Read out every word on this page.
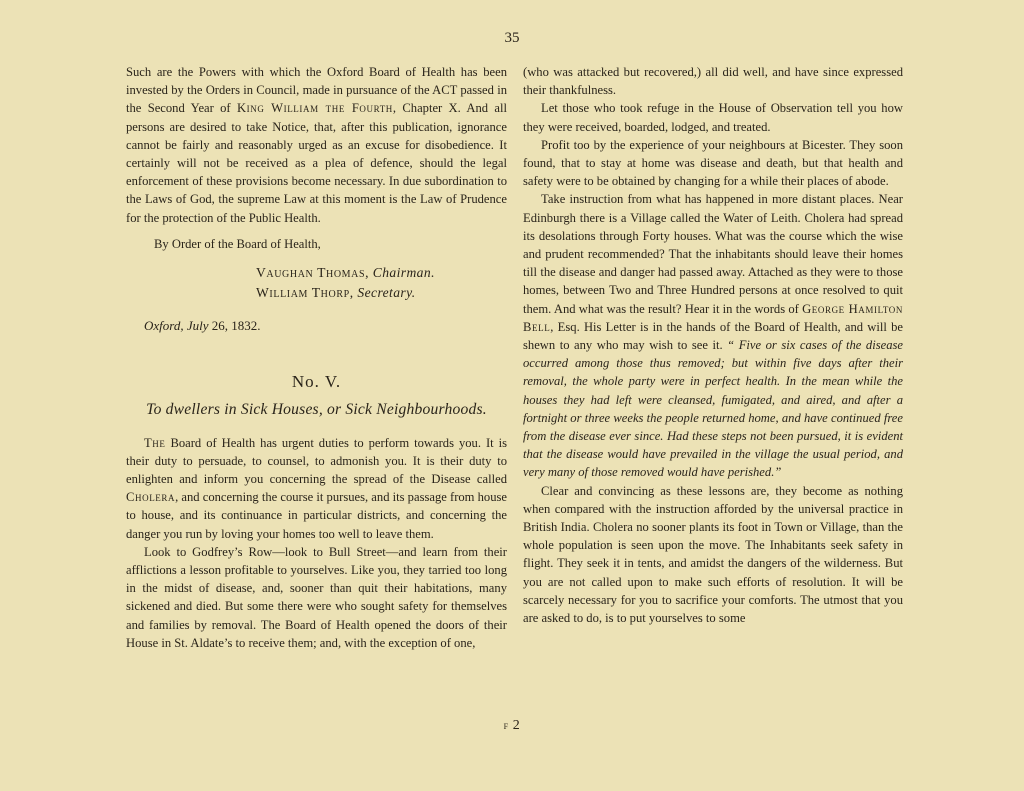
35

Such are the Powers with which the Oxford Board of Health has been invested by the Orders in Council, made in pursuance of the ACT passed in the Second Year of King William the Fourth, Chapter X. And all persons are desired to take Notice, that, after this publication, ignorance cannot be fairly and reasonably urged as an excuse for disobedience. It certainly will not be received as a plea of defence, should the legal enforcement of these provisions become necessary. In due subordination to the Laws of God, the supreme Law at this moment is the Law of Prudence for the protection of the Public Health.

By Order of the Board of Health,

Vaughan Thomas, Chairman.
William Thorp, Secretary.

Oxford, July 26, 1832.

No. V.
To dwellers in Sick Houses, or Sick Neighbourhoods.

The Board of Health has urgent duties to perform towards you. It is their duty to persuade, to counsel, to admonish you. It is their duty to enlighten and inform you concerning the spread of the Disease called Cholera, and concerning the course it pursues, and its passage from house to house, and its continuance in particular districts, and concerning the danger you run by loving your homes too well to leave them.

Look to Godfrey’s Row—look to Bull Street—and learn from their afflictions a lesson profitable to yourselves. Like you, they tarried too long in the midst of disease, and, sooner than quit their habitations, many sickened and died. But some there were who sought safety for themselves and families by removal. The Board of Health opened the doors of their House in St. Aldate’s to receive them; and, with the exception of one,

(who was attacked but recovered,) all did well, and have since expressed their thankfulness.

Let those who took refuge in the House of Observation tell you how they were received, boarded, lodged, and treated.

Profit too by the experience of your neighbours at Bicester. They soon found, that to stay at home was disease and death, but that health and safety were to be obtained by changing for a while their places of abode.

Take instruction from what has happened in more distant places. Near Edinburgh there is a Village called the Water of Leith. Cholera had spread its desolations through Forty houses. What was the course which the wise and prudent recommended? That the inhabitants should leave their homes till the disease and danger had passed away. Attached as they were to those homes, between Two and Three Hundred persons at once resolved to quit them. And what was the result? Hear it in the words of George Hamilton Bell, Esq. His Letter is in the hands of the Board of Health, and will be shewn to any who may wish to see it. “ Five or six cases of the disease occurred among those thus removed; but within five days after their removal, the whole party were in perfect health. In the mean while the houses they had left were cleansed, fumigated, and aired, and after a fortnight or three weeks the people returned home, and have continued free from the disease ever since. Had these steps not been pursued, it is evident that the disease would have prevailed in the village the usual period, and very many of those removed would have perished.”

Clear and convincing as these lessons are, they become as nothing when compared with the instruction afforded by the universal practice in British India. Cholera no sooner plants its foot in Town or Village, than the whole population is seen upon the move. The Inhabitants seek safety in flight. They seek it in tents, and amidst the dangers of the wilderness. But you are not called upon to make such efforts of resolution. It will be scarcely necessary for you to sacrifice your comforts. The utmost that you are asked to do, is to put yourselves to some

f 2
